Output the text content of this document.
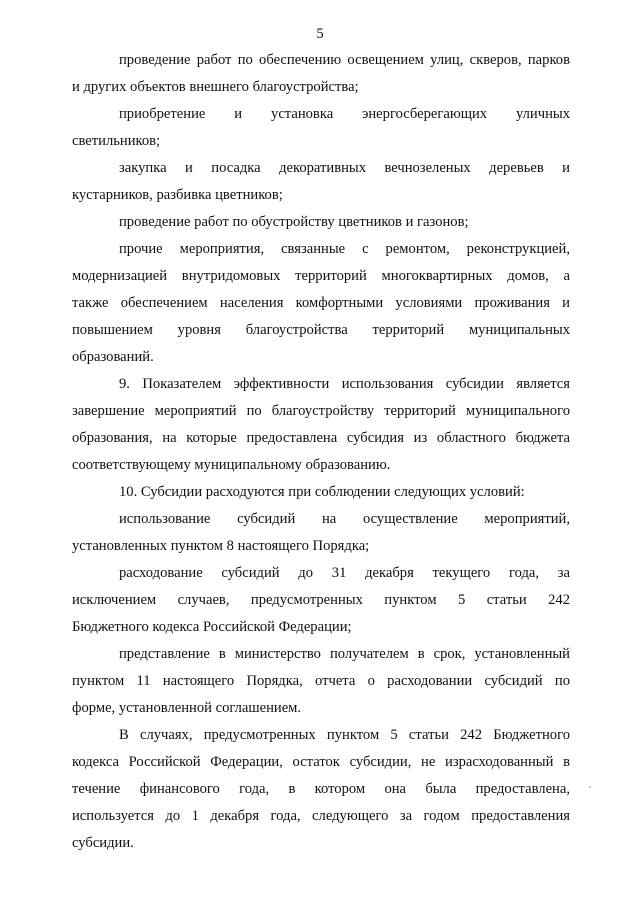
5
проведение работ по обеспечению освещением улиц, скверов, парков
и других объектов внешнего благоустройства;
приобретение и установка энергосберегающих уличных
светильников;
закупка и посадка декоративных вечнозеленых деревьев и
кустарников, разбивка цветников;
проведение работ по обустройству цветников и газонов;
прочие мероприятия, связанные с ремонтом, реконструкцией,
модернизацией внутридомовых территорий многоквартирных домов, а
также обеспечением населения комфортными условиями проживания и
повышением уровня благоустройства территорий муниципальных
образований.
9. Показателем эффективности использования субсидии является
завершение мероприятий по благоустройству территорий муниципального
образования, на которые предоставлена субсидия из областного бюджета
соответствующему муниципальному образованию.
10. Субсидии расходуются при соблюдении следующих условий:
использование субсидий на осуществление мероприятий,
установленных пунктом 8 настоящего Порядка;
расходование субсидий до 31 декабря текущего года, за
исключением случаев, предусмотренных пунктом 5 статьи 242
Бюджетного кодекса Российской Федерации;
представление в министерство получателем в срок, установленный
пунктом 11 настоящего Порядка, отчета о расходовании субсидий по
форме, установленной соглашением.
В случаях, предусмотренных пунктом 5 статьи 242 Бюджетного
кодекса Российской Федерации, остаток субсидии, не израсходованный в
течение финансового года, в котором она была предоставлена,
используется до 1 декабря года, следующего за годом предоставления
субсидии.
